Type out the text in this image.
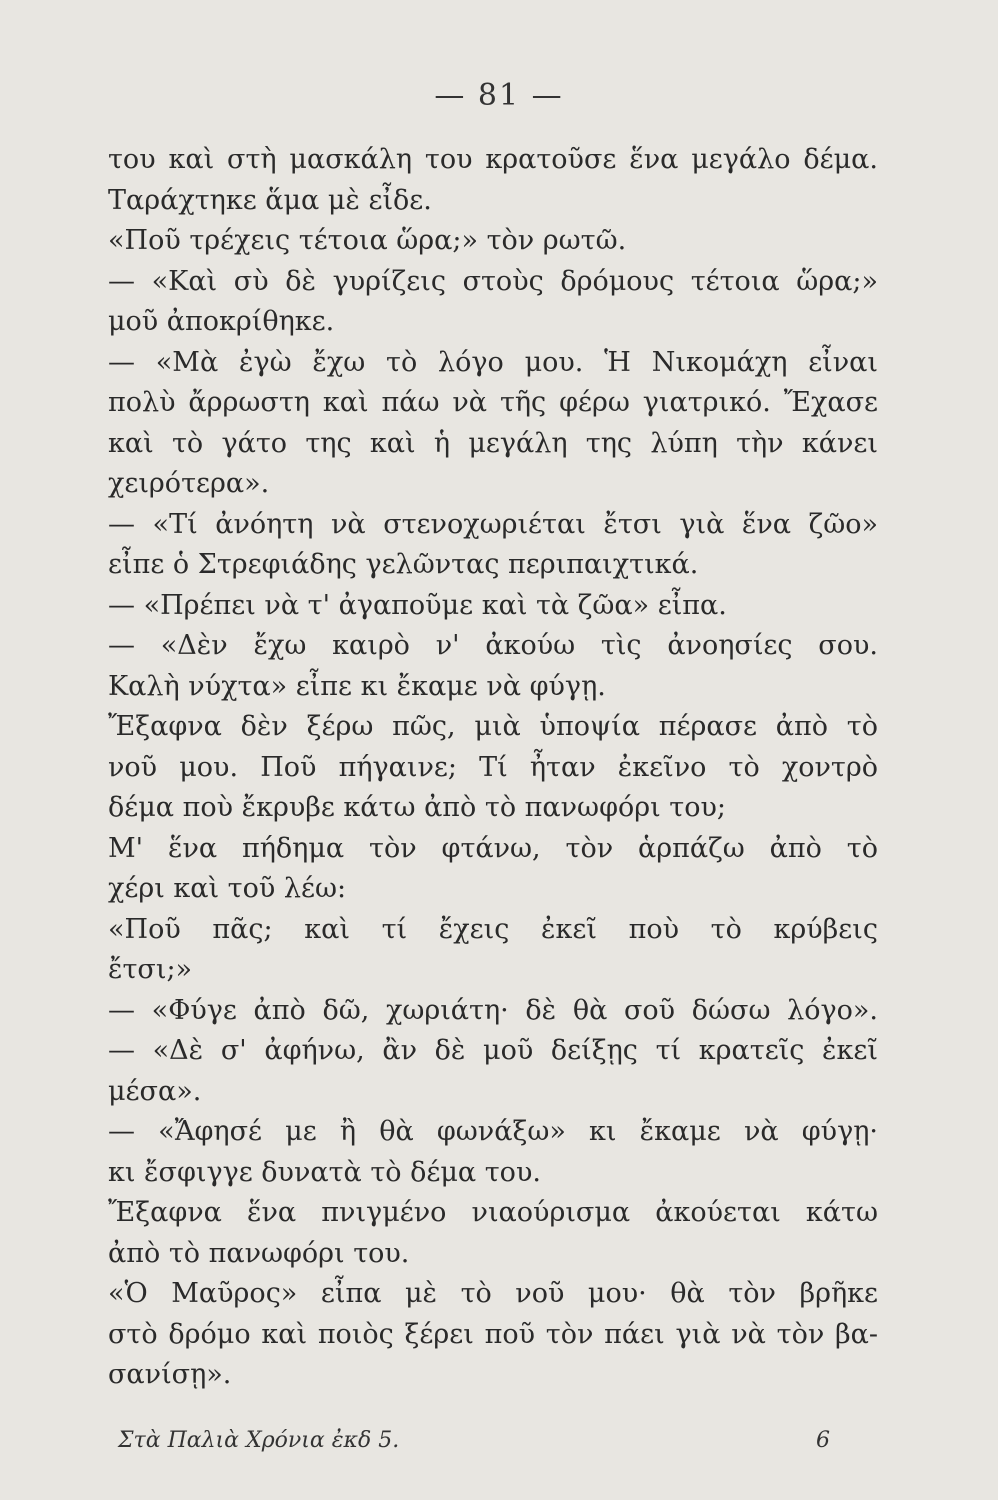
— 81 —
του καὶ στὴ μασκάλη του κρατοῦσε ἕνα μεγάλο δέμα.
Ταράχτηκε ἅμα μὲ εἶδε.
«Ποῦ τρέχεις τέτοια ὥρα;» τὸν ρωτῶ.
— «Καὶ σὺ δὲ γυρίζεις στοὺς δρόμους τέτοια ὥρα;»
μοῦ ἀποκρίθηκε.
— «Μὰ ἐγὼ ἔχω τὸ λόγο μου. Ἡ Νικομάχη εἶναι
πολὺ ἄρρωστη καὶ πάω νὰ τῆς φέρω γιατρικό. Ἔχασε
καὶ τὸ γάτο της καὶ ἡ μεγάλη της λύπη τὴν κάνει
χειρότερα».
— «Τί ἀνόητη νὰ στενοχωριέται ἔτσι γιὰ ἕνα ζῶο»
εἶπε ὁ Στρεφιάδης γελῶντας περιπαιχτικά.
— «Πρέπει νὰ τ' ἀγαποῦμε καὶ τὰ ζῶα» εἶπα.
— «Δὲν ἔχω καιρὸ ν' ἀκούω τὶς ἀνοησίες σου.
Καλὴ νύχτα» εἶπε κι ἔκαμε νὰ φύγῃ.
Ἔξαφνα δὲν ξέρω πῶς, μιὰ ὑποψία πέρασε ἀπὸ τὸ
νοῦ μου. Ποῦ πήγαινε; Τί ἦταν ἐκεῖνο τὸ χοντρὸ
δέμα ποὺ ἔκρυβε κάτω ἀπὸ τὸ πανωφόρι του;
Μ' ἕνα πήδημα τὸν φτάνω, τὸν ἁρπάζω ἀπὸ τὸ
χέρι καὶ τοῦ λέω:
«Ποῦ πᾶς; καὶ τί ἔχεις ἐκεῖ ποὺ τὸ κρύβεις
ἔτσι;»
— «Φύγε ἀπὸ δῶ, χωριάτη· δὲ θὰ σοῦ δώσω λόγο».
— «Δὲ σ' ἀφήνω, ἂν δὲ μοῦ δείξῃς τί κρατεῖς ἐκεῖ
μέσα».
— «Ἄφησέ με ἢ θὰ φωνάξω» κι ἔκαμε νὰ φύγῃ·
κι ἔσφιγγε δυνατὰ τὸ δέμα του.
Ἔξαφνα ἕνα πνιγμένο νιαούρισμα ἀκούεται κάτω
ἀπὸ τὸ πανωφόρι του.
«Ὁ Μαῦρος» εἶπα μὲ τὸ νοῦ μου· θὰ τὸν βρῆκε
στὸ δρόμο καὶ ποιὸς ξέρει ποῦ τὸν πάει γιὰ νὰ τὸν βα-
σανίσῃ».
Στὰ Παλιὰ Χρόνια ἐκδ 5.	6
